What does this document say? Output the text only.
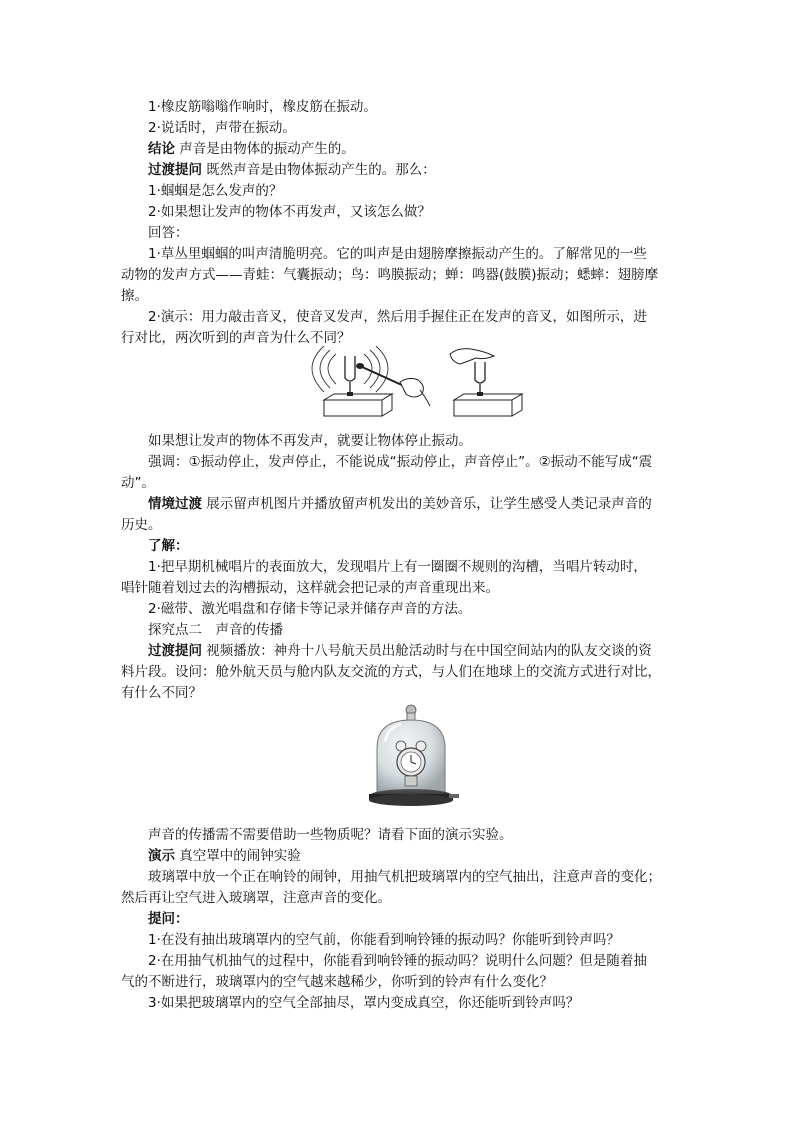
1·橡皮筋嗡嗡作响时，橡皮筋在振动。
2·说话时，声带在振动。
结论 声音是由物体的振动产生的。
过渡提问 既然声音是由物体振动产生的。那么：
1·蝈蝈是怎么发声的？
2·如果想让发声的物体不再发声，又该怎么做？
回答：
1·草丛里蝈蝈的叫声清脆明亮。它的叫声是由翅膀摩擦振动产生的。了解常见的一些
动物的发声方式——青蛙：气囊振动；鸟：鸣膜振动；蝉：鸣器(鼓膜)振动；蟋蟀：翅膀摩
擦。
2·演示：用力敲击音叉，使音叉发声，然后用手握住正在发声的音叉，如图所示，进
行对比，两次听到的声音为什么不同？
如果想让发声的物体不再发声，就要让物体停止振动。
强调：①振动停止，发声停止，不能说成“振动停止，声音停止”。②振动不能写成“震
动”。
情境过渡 展示留声机图片并播放留声机发出的美妙音乐，让学生感受人类记录声音的
历史。
了解：
1·把早期机械唱片的表面放大，发现唱片上有一圈圈不规则的沟槽，当唱片转动时，
唱针随着划过去的沟槽振动，这样就会把记录的声音重现出来。
2·磁带、激光唱盘和存储卡等记录并储存声音的方法。
探究点二　声音的传播
过渡提问 视频播放：神舟十八号航天员出舱活动时与在中国空间站内的队友交谈的资
料片段。设问：舱外航天员与舱内队友交流的方式，与人们在地球上的交流方式进行对比，
有什么不同？
声音的传播需不需要借助一些物质呢？请看下面的演示实验。
演示 真空罩中的闹钟实验
玻璃罩中放一个正在响铃的闹钟，用抽气机把玻璃罩内的空气抽出，注意声音的变化；
然后再让空气进入玻璃罩，注意声音的变化。
提问：
1·在没有抽出玻璃罩内的空气前，你能看到响铃锤的振动吗？你能听到铃声吗？
2·在用抽气机抽气的过程中，你能看到响铃锤的振动吗？说明什么问题？但是随着抽
气的不断进行，玻璃罩内的空气越来越稀少，你听到的铃声有什么变化？
3·如果把玻璃罩内的空气全部抽尽，罩内变成真空，你还能听到铃声吗？
